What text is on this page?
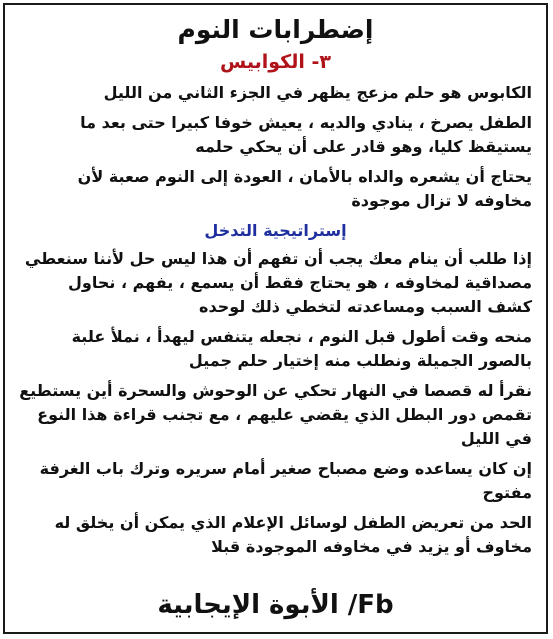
إضطرابات النوم
٣- الكوابيس

الكابوس هو حلم مزعج يظهر في الجزء الثاني من الليل

الطفل يصرخ ، ينادي والديه ، يعيش خوفا كبيرا حتى بعد ما يستيقظ كليا، وهو قادر على أن يحكي حلمه

يحتاج أن يشعره والداه بالأمان ، العودة إلى النوم صعبة لأن مخاوفه لا تزال موجودة

إستراتيجية التدخل

إذا طلب أن ينام معك يجب أن تفهم أن هذا ليس حل لأننا سنعطي مصداقية لمخاوفه ، هو يحتاج فقط أن يسمع ، يفهم ، نحاول كشف السبب ومساعدته لتخطي ذلك لوحده

منحه وقت أطول قبل النوم ، نجعله يتنفس ليهدأ ، نملأ علبة بالصور الجميلة ونطلب منه إختيار حلم جميل

نقرأ له قصصا في النهار تحكي عن الوحوش والسحرة أين يستطيع تقمص دور البطل الذي يقضي عليهم ، مع تجنب قراءة هذا النوع في الليل

إن كان يساعده وضع مصباح صغير أمام سريره وترك باب الغرفة مفتوح

الحد من تعريض الطفل لوسائل الإعلام الذي يمكن أن يخلق له مخاوف أو يزيد في مخاوفه الموجودة قبلا

الأبوة الإيجابية /Fb
